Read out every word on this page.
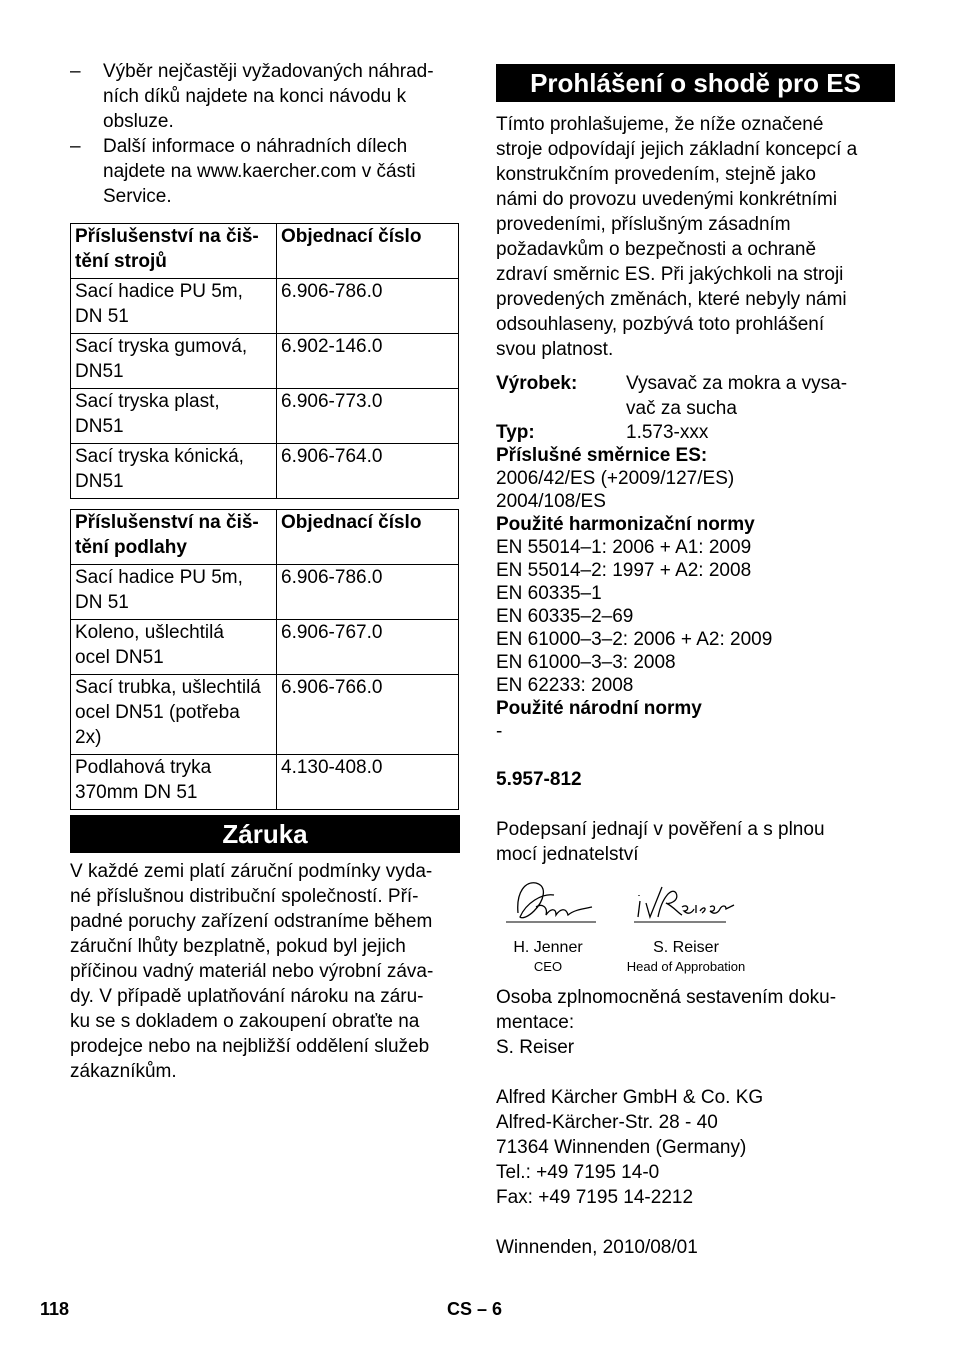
–	Výběr nejčastěji vyžadovaných náhrad-
ních díků najdete na konci návodu k
obsluze.
–	Další informace o náhradních dílech
najdete na www.kaercher.com v části
Service.
Příslušenství na čiš-
tění strojů	Objednací číslo
Sací hadice PU 5m,
DN 51	6.906-786.0
Sací tryska gumová,
DN51	6.902-146.0
Sací tryska plast,
DN51	6.906-773.0
Sací tryska kónická,
DN51	6.906-764.0
Příslušenství na čiš-
tění podlahy	Objednací číslo
Sací hadice PU 5m,
DN 51	6.906-786.0
Koleno, ušlechtilá
ocel DN51	6.906-767.0
Sací trubka, ušlechtilá
ocel DN51 (potřeba
2x)	6.906-766.0
Podlahová tryka
370mm DN 51	4.130-408.0
Záruka

V každé zemi platí záruční podmínky vyda-
né příslušnou distribuční společností. Pří-
padné poruchy zařízení odstraníme během
záruční lhůty bezplatně, pokud byl jejich
příčinou vadný materiál nebo výrobní záva-
dy. V případě uplatňování nároku na záru-
ku se s dokladem o zakoupení obraťte na
prodejce nebo na nejbližší oddělení služeb
zákazníkům.

Prohlášení o shodě pro ES

Tímto prohlašujeme, že níže označené
stroje odpovídají jejich základní koncepcí a
konstrukčním provedením, stejně jako
námi do provozu uvedenými konkrétními
provedeními, příslušným zásadním
požadavkům o bezpečnosti a ochraně
zdraví směrnic ES. Při jakýchkoli na stroji
provedených změnách, které nebyly námi
odsouhlaseny, pozbývá toto prohlášení
svou platnost.

Výrobek:	Vysavač za mokra a vysa-
vač za sucha
Typ:	1.573-xxx

Příslušné směrnice ES:

2006/42/ES (+2009/127/ES)

2004/108/ES

Použité harmonizační normy

EN 55014–1: 2006 + A1: 2009

EN 55014–2: 1997 + A2: 2008

EN 60335–1

EN 60335–2–69

EN 61000–3–2: 2006 + A2: 2009

EN 61000–3–3: 2008

EN 62233: 2008

Použité národní normy

-

5.957-812

Podepsaní jednají v pověření a s plnou
mocí jednatelství

H. Jenner
CEO
S. Reiser
Head of Approbation

Osoba zplnomocněná sestavením doku-
mentace:
S. Reiser

Alfred Kärcher GmbH & Co. KG
Alfred-Kärcher-Str. 28 - 40
71364 Winnenden (Germany)
Tel.: +49 7195 14-0
Fax: +49 7195 14-2212

Winnenden, 2010/08/01

118	CS – 6
